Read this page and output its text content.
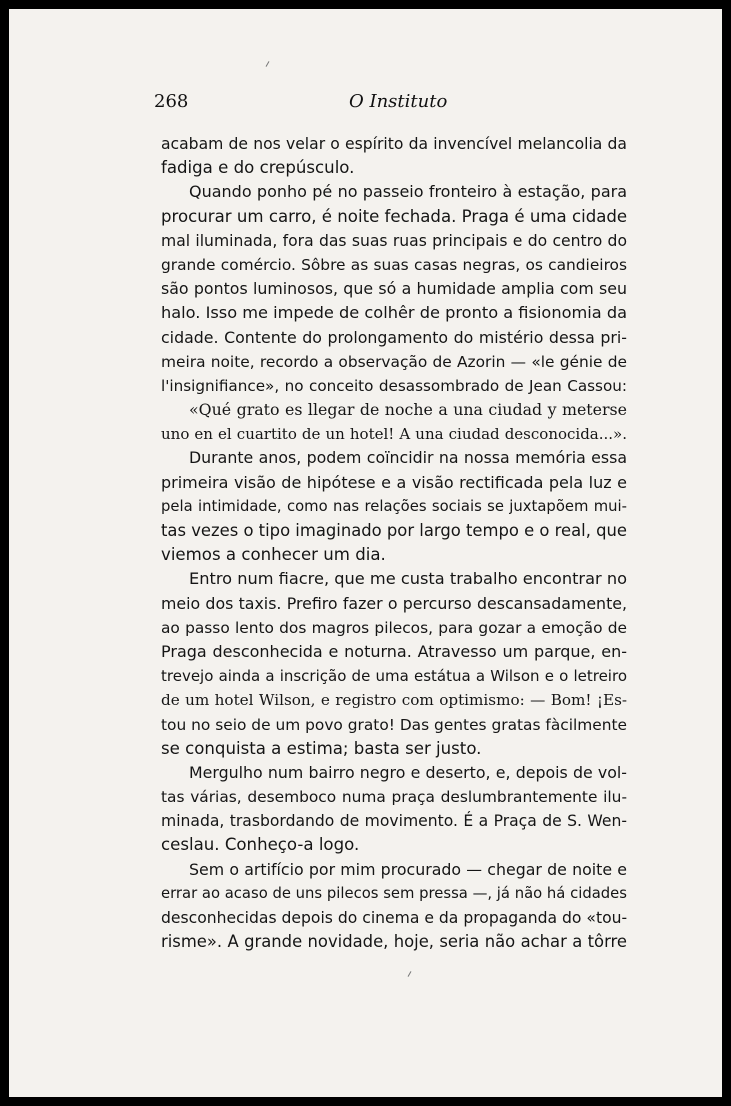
268	O Instituto
acabam de nos velar o espírito da invencível melancolia da
fadiga e do crepúsculo.
Quando ponho pé no passeio fronteiro à estação, para
procurar um carro, é noite fechada. Praga é uma cidade
mal iluminada, fora das suas ruas principais e do centro do
grande comércio. Sôbre as suas casas negras, os candieiros
são pontos luminosos, que só a humidade amplia com seu
halo. Isso me impede de colhêr de pronto a fisionomia da
cidade. Contente do prolongamento do mistério dessa pri-
meira noite, recordo a observação de Azorin — «le génie de
l'insignifiance», no conceito desassombrado de Jean Cassou:
«Qué grato es llegar de noche a una ciudad y meterse
uno en el cuartito de un hotel! A una ciudad desconocida...».
Durante anos, podem coïncidir na nossa memória essa
primeira visão de hipótese e a visão rectificada pela luz e
pela intimidade, como nas relações sociais se juxtapõem mui-
tas vezes o tipo imaginado por largo tempo e o real, que
viemos a conhecer um dia.
Entro num fiacre, que me custa trabalho encontrar no
meio dos taxis. Prefiro fazer o percurso descansadamente,
ao passo lento dos magros pilecos, para gozar a emoção de
Praga desconhecida e noturna. Atravesso um parque, en-
trevejo ainda a inscrição de uma estátua a Wilson e o letreiro
de um hotel Wilson, e registro com optimismo: — Bom! ¡Es-
tou no seio de um povo grato! Das gentes gratas fàcilmente
se conquista a estima; basta ser justo.
Mergulho num bairro negro e deserto, e, depois de vol-
tas várias, desemboco numa praça deslumbrantemente ilu-
minada, trasbordando de movimento. É a Praça de S. Wen-
ceslau. Conheço-a logo.
Sem o artifício por mim procurado — chegar de noite e
errar ao acaso de uns pilecos sem pressa —, já não há cidades
desconhecidas depois do cinema e da propaganda do «tou-
risme». A grande novidade, hoje, seria não achar a tôrre
